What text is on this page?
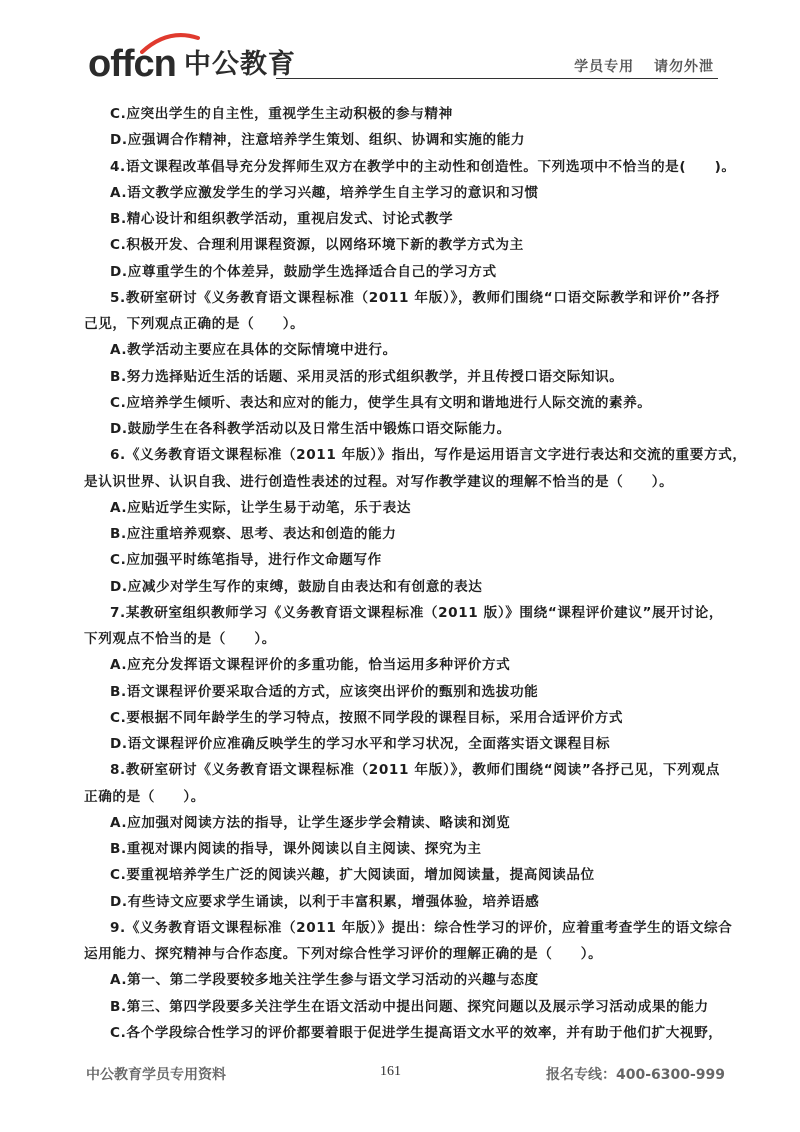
offcn 中公教育	学员专用 请勿外泄
C.应突出学生的自主性，重视学生主动积极的参与精神
D.应强调合作精神，注意培养学生策划、组织、协调和实施的能力
4.语文课程改革倡导充分发挥师生双方在教学中的主动性和创造性。下列选项中不恰当的是(　　)。
A.语文教学应激发学生的学习兴趣，培养学生自主学习的意识和习惯
B.精心设计和组织教学活动，重视启发式、讨论式教学
C.积极开发、合理利用课程资源，以网络环境下新的教学方式为主
D.应尊重学生的个体差异，鼓励学生选择适合自己的学习方式
5.教研室研讨《义务教育语文课程标准（2011 年版）》，教师们围绕“口语交际教学和评价”各抒
己见，下列观点正确的是（　　）。
A.教学活动主要应在具体的交际情境中进行。
B.努力选择贴近生活的话题、采用灵活的形式组织教学，并且传授口语交际知识。
C.应培养学生倾听、表达和应对的能力，使学生具有文明和谐地进行人际交流的素养。
D.鼓励学生在各科教学活动以及日常生活中锻炼口语交际能力。
6.《义务教育语文课程标准（2011 年版）》指出，写作是运用语言文字进行表达和交流的重要方式，
是认识世界、认识自我、进行创造性表述的过程。对写作教学建议的理解不恰当的是（　　）。
A.应贴近学生实际，让学生易于动笔，乐于表达
B.应注重培养观察、思考、表达和创造的能力
C.应加强平时练笔指导，进行作文命题写作
D.应减少对学生写作的束缚，鼓励自由表达和有创意的表达
7.某教研室组织教师学习《义务教育语文课程标准（2011 版）》围绕“课程评价建议”展开讨论，
下列观点不恰当的是（　　）。
A.应充分发挥语文课程评价的多重功能，恰当运用多种评价方式
B.语文课程评价要采取合适的方式，应该突出评价的甄别和选拔功能
C.要根据不同年龄学生的学习特点，按照不同学段的课程目标，采用合适评价方式
D.语文课程评价应准确反映学生的学习水平和学习状况，全面落实语文课程目标
8.教研室研讨《义务教育语文课程标准（2011 年版）》，教师们围绕“阅读”各抒己见，下列观点
正确的是（　　）。
A.应加强对阅读方法的指导，让学生逐步学会精读、略读和浏览
B.重视对课内阅读的指导，课外阅读以自主阅读、探究为主
C.要重视培养学生广泛的阅读兴趣，扩大阅读面，增加阅读量，提高阅读品位
D.有些诗文应要求学生诵读，以利于丰富积累，增强体验，培养语感
9.《义务教育语文课程标准（2011 年版）》提出：综合性学习的评价，应着重考查学生的语文综合
运用能力、探究精神与合作态度。下列对综合性学习评价的理解正确的是（　　）。
A.第一、第二学段要较多地关注学生参与语文学习活动的兴趣与态度
B.第三、第四学段要多关注学生在语文活动中提出问题、探究问题以及展示学习活动成果的能力
C.各个学段综合性学习的评价都要着眼于促进学生提高语文水平的效率，并有助于他们扩大视野，
中公教育学员专用资料	161	报名专线：400-6300-999
